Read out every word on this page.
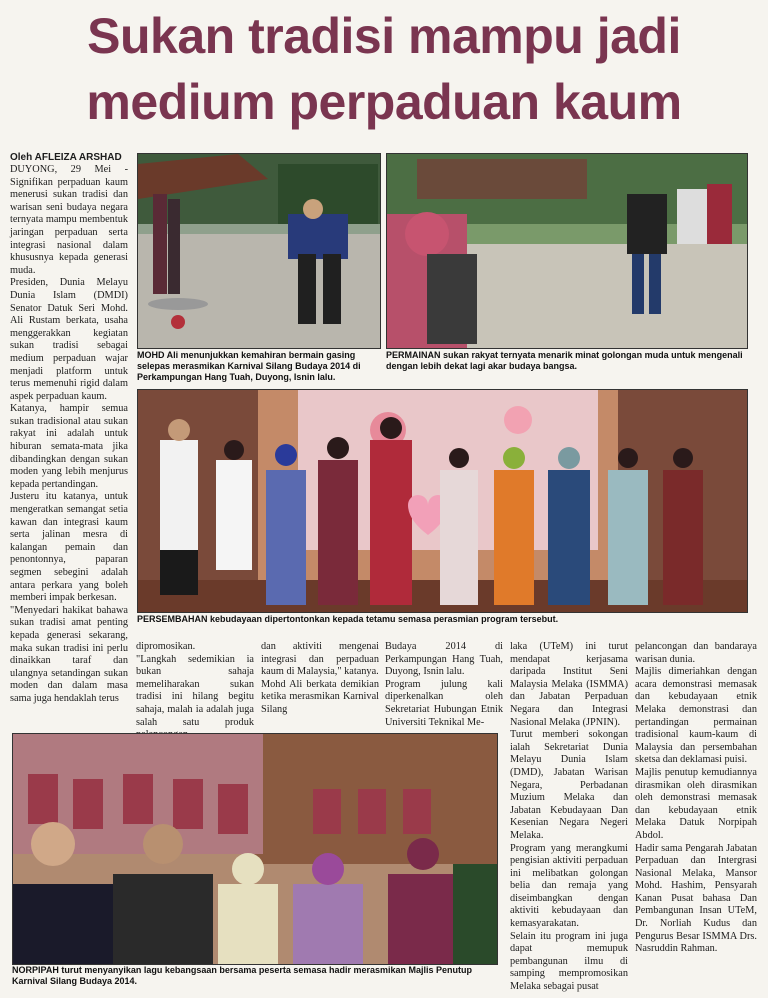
Sukan tradisi mampu jadi
medium perpaduan kaum
Oleh AFLEIZA ARSHAD
DUYONG, 29 Mei - Signifikan perpaduan kaum menerusi sukan tradisi dan warisan seni budaya negara ternyata mampu membentuk jaringan perpaduan serta integrasi nasional dalam khususnya kepada generasi muda.
Presiden, Dunia Melayu Dunia Islam (DMDI) Senator Datuk Seri Mohd. Ali Rustam berkata, usaha menggerakkan kegiatan sukan tradisi sebagai medium perpaduan wajar menjadi platform untuk terus memenuhi rigid dalam aspek perpaduan kaum.
Katanya, hampir semua sukan tradisional atau sukan rakyat ini adalah untuk hiburan semata-mata jika dibandingkan dengan sukan moden yang lebih menjurus kepada pertandingan.
Justeru itu katanya, untuk mengeratkan semangat setia kawan dan integrasi kaum serta jalinan mesra di kalangan pemain dan penontonnya, paparan segmen sebegini adalah antara perkara yang boleh memberi impak berkesan.
"Menyedari hakikat bahawa sukan tradisi amat penting kepada generasi sekarang, maka sukan tradisi ini perlu dinaikkan taraf dan ulangnya setandingan sukan moden dan dalam masa sama juga hendaklah terus
MOHD Ali menunjukkan kemahiran bermain gasing selepas merasmikan Karnival Silang Budaya 2014 di Perkampungan Hang Tuah, Duyong, Isnin lalu.
PERMAINAN sukan rakyat ternyata menarik minat golongan muda untuk mengenali dengan lebih dekat lagi akar budaya bangsa.
PERSEMBAHAN kebudayaan dipertontonkan kepada tetamu semasa perasmian program tersebut.
dipromosikan.
"Langkah sedemikian ia bukan sahaja memeliharakan sukan tradisi ini hilang begitu sahaja, malah ia adalah juga salah satu produk
dan aktiviti mengenai integrasi dan perpaduan kaum di Malaysia," katanya.
Mohd Ali berkata demikian ketika merasmikan Karnival Silang
Budaya 2014 di Perkampungan Hang Tuah, Duyong, Isnin lalu.
Program julung kali diperkenalkan oleh Sekretariat Hubungan Etnik Universiti Teknikal Me-
laka (UTeM) ini turut mendapat kerjasama daripada Institut Seni Malaysia Melaka (ISMMA) dan Jabatan Perpaduan Negara dan Integrasi Nasional Melaka (JPNIN).
Turut memberi sokongan ialah Sekretariat Dunia Melayu Dunia Islam (DMD), Jabatan Warisan Negara, Perbadanan Muzium Melaka dan Jabatan Kebudayaan Dan Kesenian Negara Negeri Melaka.
Program yang merangkumi pengisian aktiviti perpaduan ini melibatkan golongan belia dan remaja yang diseimbangkan dengan aktiviti kebudayaan dan kemasyarakatan.
Selain itu program ini juga dapat memupuk pembangunan ilmu di samping mempromosikan Melaka sebagai pusat
pelancongan dan bandaraya warisan dunia.
Majlis dimeriahkan dengan acara demonstrasi memasak dan kebudayaan etnik Melaka demonstrasi dan pertandingan permainan tradisional kaum-kaum di Malaysia dan persembahan sketsa dan deklamasi puisi.
Majlis penutup kemudiannya dirasmikan oleh dirasmikan oleh demonstrasi memasak dan kebudayaan etnik Melaka Datuk Norpipah Abdol.
Hadir sama Pengarah Jabatan Perpaduan dan Intergrasi Nasional Melaka, Mansor Mohd. Hashim, Pensyarah Kanan Pusat bahasa Dan Pembangunan Insan UTeM, Dr. Norliah Kudus dan Pengurus Besar ISMMA Drs. Nasruddin Rahman.
NORPIPAH turut menyanyikan lagu kebangsaan bersama peserta semasa hadir merasmikan Majlis Penutup Karnival Silang Budaya 2014.
